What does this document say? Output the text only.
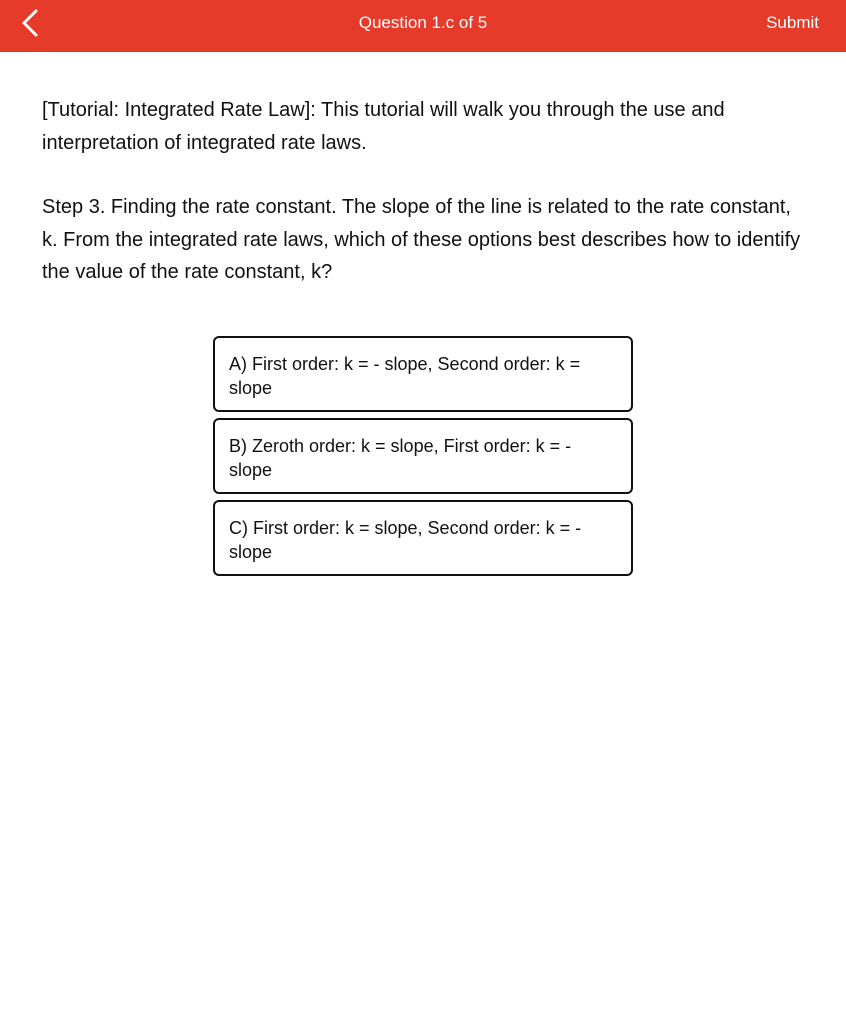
Question 1.c of 5	Submit

[Tutorial: Integrated Rate Law]: This tutorial will walk you through the use and interpretation of integrated rate laws.

Step 3. Finding the rate constant. The slope of the line is related to the rate constant, k. From the integrated rate laws, which of these options best describes how to identify the value of the rate constant, k?

A) First order: k = - slope, Second order: k = slope
B) Zeroth order: k = slope, First order: k = - slope
C) First order: k = slope, Second order: k = -slope
